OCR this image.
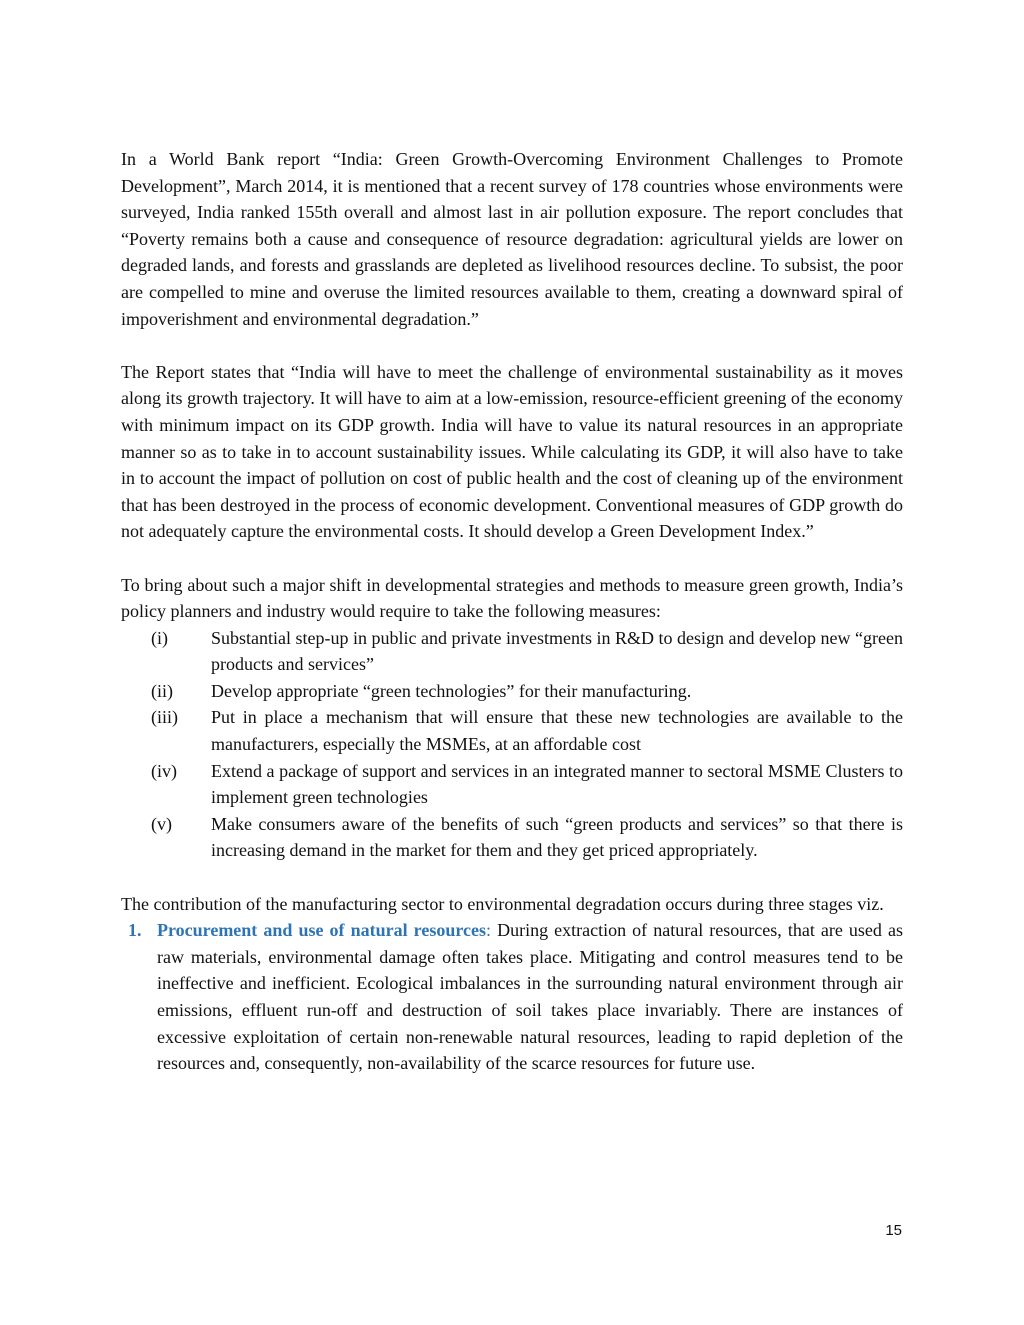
In a World Bank report “India: Green Growth-Overcoming Environment Challenges to Promote Development”, March 2014, it is mentioned that a recent survey of 178 countries whose environments were surveyed, India ranked 155th overall and almost last in air pollution exposure. The report concludes that “Poverty remains both a cause and consequence of resource degradation: agricultural yields are lower on degraded lands, and forests and grasslands are depleted as livelihood resources decline. To subsist, the poor are compelled to mine and overuse the limited resources available to them, creating a downward spiral of impoverishment and environmental degradation.”

The Report states that “India will have to meet the challenge of environmental sustainability as it moves along its growth trajectory. It will have to aim at a low-emission, resource-efficient greening of the economy with minimum impact on its GDP growth. India will have to value its natural resources in an appropriate manner so as to take in to account sustainability issues. While calculating its GDP, it will also have to take in to account the impact of pollution on cost of public health and the cost of cleaning up of the environment that has been destroyed in the process of economic development. Conventional measures of GDP growth do not adequately capture the environmental costs. It should develop a Green Development Index.”

To bring about such a major shift in developmental strategies and methods to measure green growth, India’s policy planners and industry would require to take the following measures:

(i) Substantial step-up in public and private investments in R&D to design and develop new “green products and services”
(ii) Develop appropriate “green technologies” for their manufacturing.
(iii) Put in place a mechanism that will ensure that these new technologies are available to the manufacturers, especially the MSMEs, at an affordable cost
(iv) Extend a package of support and services in an integrated manner to sectoral MSME Clusters to implement green technologies
(v) Make consumers aware of the benefits of such “green products and services” so that there is increasing demand in the market for them and they get priced appropriately.

The contribution of the manufacturing sector to environmental degradation occurs during three stages viz.

1. Procurement and use of natural resources: During extraction of natural resources, that are used as raw materials, environmental damage often takes place. Mitigating and control measures tend to be ineffective and inefficient. Ecological imbalances in the surrounding natural environment through air emissions, effluent run-off and destruction of soil takes place invariably. There are instances of excessive exploitation of certain non-renewable natural resources, leading to rapid depletion of the resources and, consequently, non-availability of the scarce resources for future use.
15
